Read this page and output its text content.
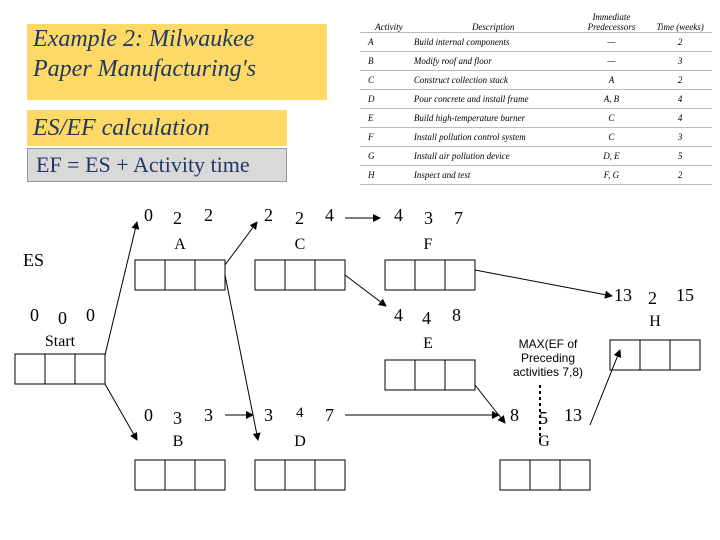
Example 2: Milwaukee
Paper Manufacturing's
ES/EF calculation
EF = ES + Activity time
Activity	Description	Immediate Predecessors	Time (weeks)
A	Build internal components	—	2
B	Modify roof and floor	—	3
C	Construct collection stack	A	2
D	Pour concrete and install frame	A, B	4
E	Build high-temperature burner	C	4
F	Install pollution control system	C	3
G	Install air pollution device	D, E	5
H	Inspect and test	F, G	2
0 2 2
A
2 2 4
C
4 3 7
F
ES
0 0 0
Start
4 4 8
E
13 2 15
H
MAX(EF of Preceding activities 7,8)
0 3 3
B
3 4 7
D
8 5 13
G
